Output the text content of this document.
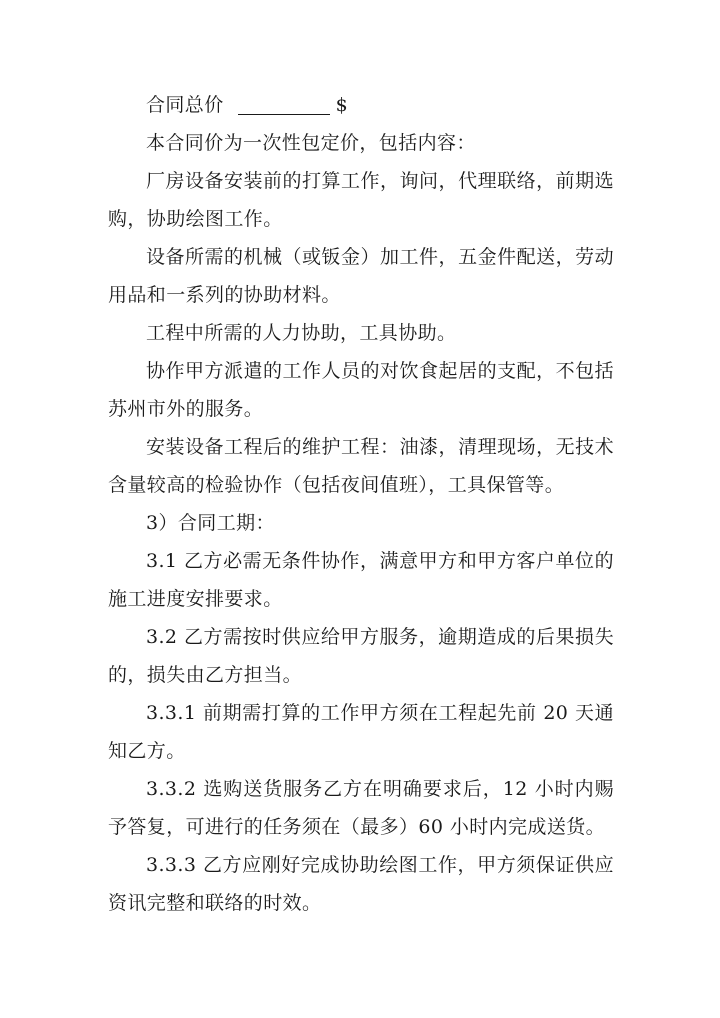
合同总价	$

本合同价为一次性包定价，包括内容：

厂房设备安装前的打算工作，询问，代理联络，前期选购，协助绘图工作。

设备所需的机械（或钣金）加工件，五金件配送，劳动用品和一系列的协助材料。

工程中所需的人力协助，工具协助。

协作甲方派遣的工作人员的对饮食起居的支配，不包括苏州市外的服务。

安装设备工程后的维护工程：油漆，清理现场，无技术含量较高的检验协作（包括夜间值班），工具保管等。

3）合同工期：

3.1 乙方必需无条件协作，满意甲方和甲方客户单位的施工进度安排要求。

3.2 乙方需按时供应给甲方服务，逾期造成的后果损失的，损失由乙方担当。

3.3.1 前期需打算的工作甲方须在工程起先前 20 天通知乙方。

3.3.2 选购送货服务乙方在明确要求后，12 小时内赐予答复，可进行的任务须在（最多）60 小时内完成送货。

3.3.3 乙方应刚好完成协助绘图工作，甲方须保证供应资讯完整和联络的时效。
